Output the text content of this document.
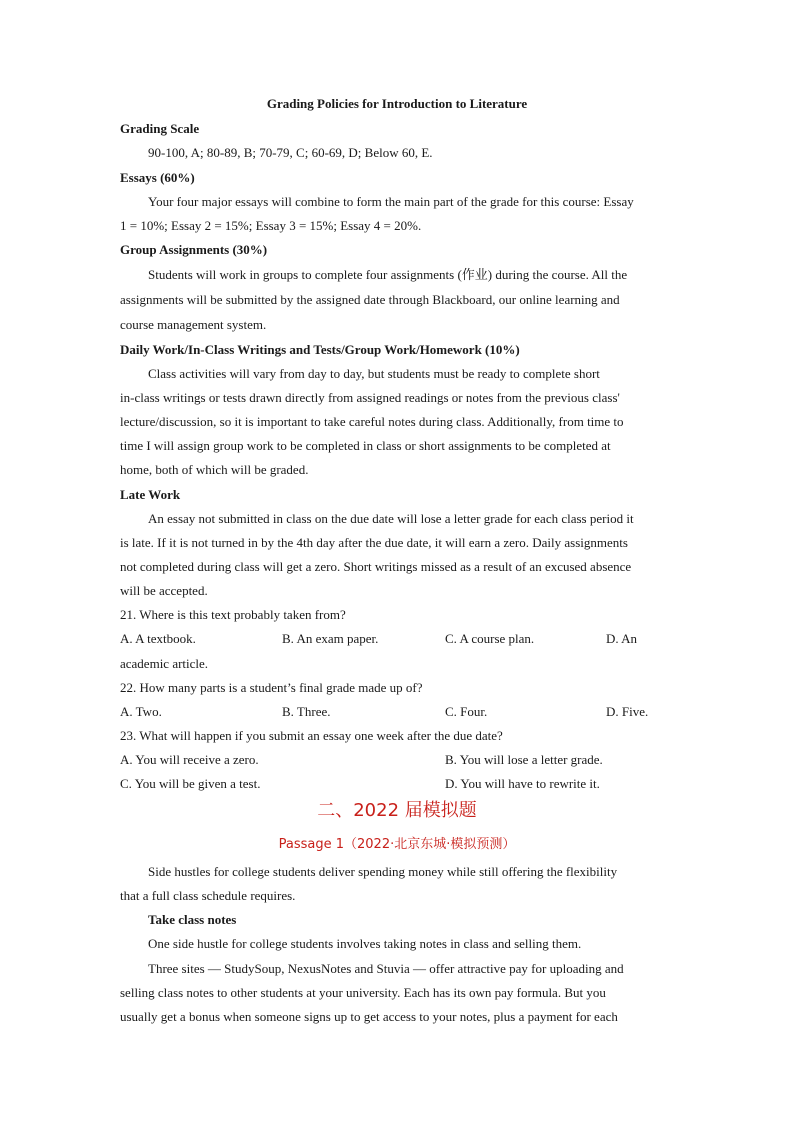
Grading Policies for Introduction to Literature
Grading Scale
90-100, A; 80-89, B; 70-79, C; 60-69, D; Below 60, E.
Essays (60%)
Your four major essays will combine to form the main part of the grade for this course: Essay
1 = 10%; Essay 2 = 15%; Essay 3 = 15%; Essay 4 = 20%.
Group Assignments (30%)
Students will work in groups to complete four assignments (作业) during the course. All the
assignments will be submitted by the assigned date through Blackboard, our online learning and
course management system.
Daily Work/In-Class Writings and Tests/Group Work/Homework (10%)
Class activities will vary from day to day, but students must be ready to complete short
in-class writings or tests drawn directly from assigned readings or notes from the previous class'
lecture/discussion, so it is important to take careful notes during class. Additionally, from time to
time I will assign group work to be completed in class or short assignments to be completed at
home, both of which will be graded.
Late Work
An essay not submitted in class on the due date will lose a letter grade for each class period it
is late. If it is not turned in by the 4th day after the due date, it will earn a zero. Daily assignments
not completed during class will get a zero. Short writings missed as a result of an excused absence
will be accepted.
21. Where is this text probably taken from?
A. A textbook.	B. An exam paper.	C. A course plan.	D. An
academic article.
22. How many parts is a student’s final grade made up of?
A. Two.	B. Three.	C. Four.	D. Five.
23. What will happen if you submit an essay one week after the due date?
A. You will receive a zero.	B. You will lose a letter grade.
C. You will be given a test.	D. You will have to rewrite it.
二、2022 届模拟题
Passage 1（2022·北京东城·模拟预测）
Side hustles for college students deliver spending money while still offering the flexibility
that a full class schedule requires.
Take class notes
One side hustle for college students involves taking notes in class and selling them.
Three sites — StudySoup, NexusNotes and Stuvia — offer attractive pay for uploading and
selling class notes to other students at your university. Each has its own pay formula. But you
usually get a bonus when someone signs up to get access to your notes, plus a payment for each
